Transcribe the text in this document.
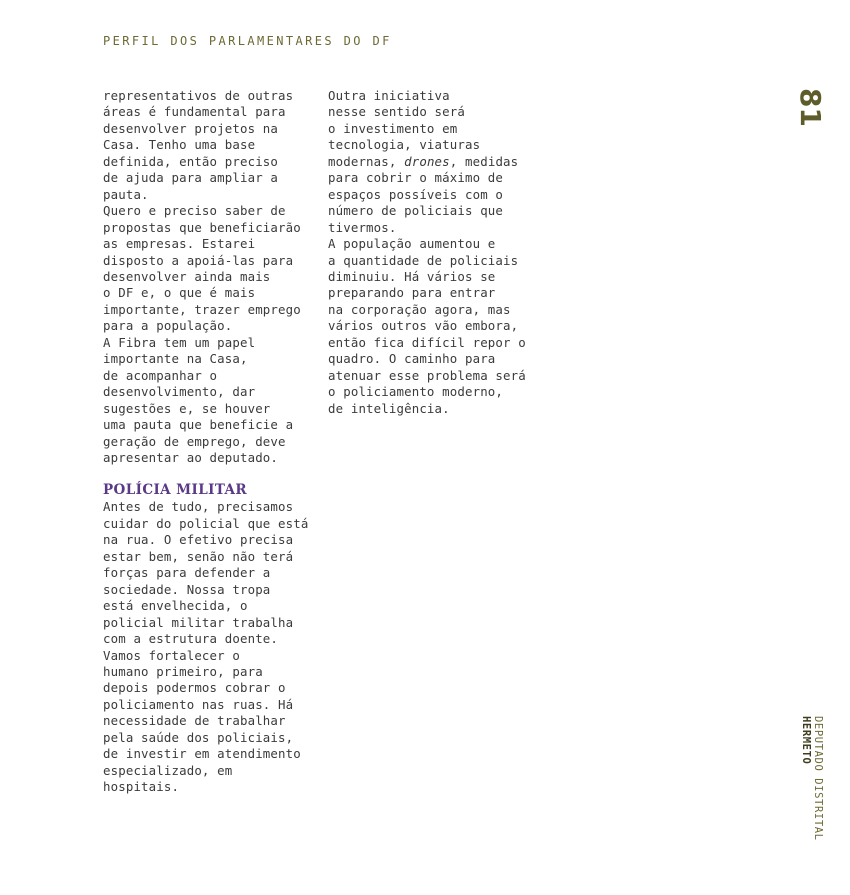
PERFIL DOS PARLAMENTARES DO DF
81
representativos de outras
áreas é fundamental para
desenvolver projetos na
Casa. Tenho uma base
definida, então preciso
de ajuda para ampliar a
pauta.
Quero e preciso saber de
propostas que beneficiarão
as empresas. Estarei
disposto a apoiá-las para
desenvolver ainda mais
o DF e, o que é mais
importante, trazer emprego
para a população.
A Fibra tem um papel
importante na Casa,
de acompanhar o
desenvolvimento, dar
sugestões e, se houver
uma pauta que beneficie a
geração de emprego, deve
apresentar ao deputado.
POLÍCIA MILITAR
Antes de tudo, precisamos
cuidar do policial que está
na rua. O efetivo precisa
estar bem, senão não terá
forças para defender a
sociedade. Nossa tropa
está envelhecida, o
policial militar trabalha
com a estrutura doente.
Vamos fortalecer o
humano primeiro, para
depois podermos cobrar o
policiamento nas ruas. Há
necessidade de trabalhar
pela saúde dos policiais,
de investir em atendimento
especializado, em
hospitais.
Outra iniciativa
nesse sentido será
o investimento em
tecnologia, viaturas
modernas, drones, medidas
para cobrir o máximo de
espaços possíveis com o
número de policiais que
tivermos.
A população aumentou e
a quantidade de policiais
diminuiu. Há vários se
preparando para entrar
na corporação agora, mas
vários outros vão embora,
então fica difícil repor o
quadro. O caminho para
atenuar esse problema será
o policiamento moderno,
de inteligência.
DEPUTADO DISTRITAL
HERMETO
